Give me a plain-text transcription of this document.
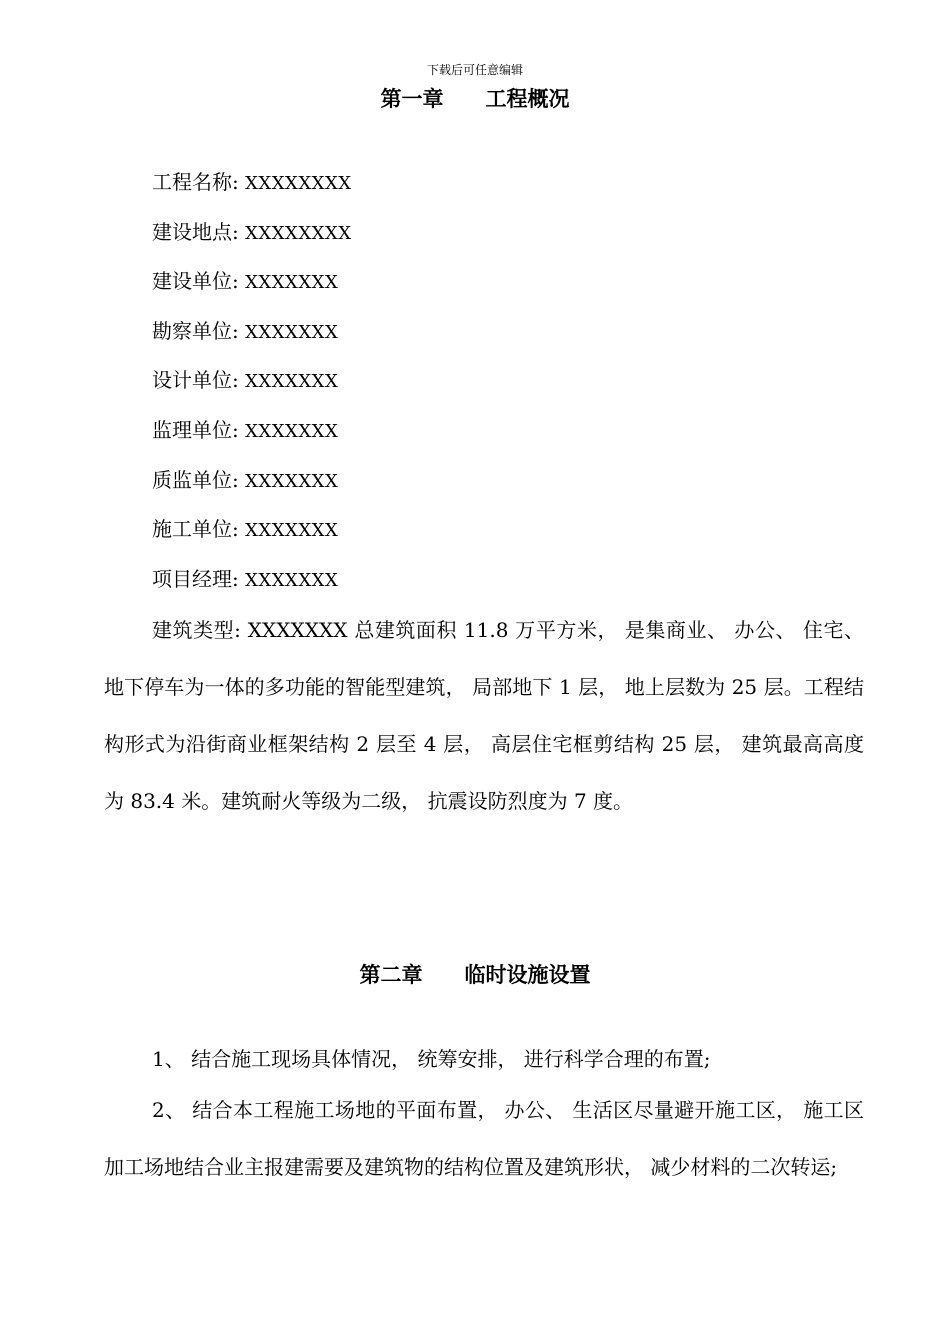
下载后可任意编辑
第一章　　工程概况
工程名称: XXXXXXXX
建设地点: XXXXXXXX
建设单位: XXXXXXX
勘察单位: XXXXXXX
设计单位: XXXXXXX
监理单位: XXXXXXX
质监单位: XXXXXXX
施工单位: XXXXXXX
项目经理: XXXXXXX

建筑类型: XXXXXXX 总建筑面积 11.8 万平方米， 是集商业、 办公、 住宅、 地下停车为一体的多功能的智能型建筑， 局部地下 1 层， 地上层数为 25 层。工程结构形式为沿街商业框架结构 2 层至 4 层， 高层住宅框剪结构 25 层， 建筑最高高度为 83.4 米。建筑耐火等级为二级， 抗震设防烈度为 7 度。

第二章　　临时设施设置

1、 结合施工现场具体情况， 统筹安排， 进行科学合理的布置;

2、 结合本工程施工场地的平面布置， 办公、 生活区尽量避开施工区， 施工区加工场地结合业主报建需要及建筑物的结构位置及建筑形状， 减少材料的二次转运;
